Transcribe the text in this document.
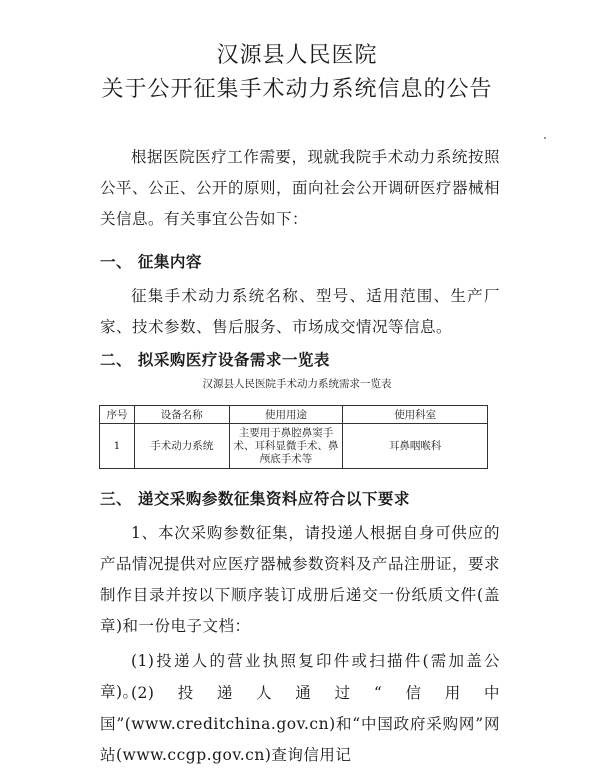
汉源县人民医院
关于公开征集手术动力系统信息的公告
根据医院医疗工作需要，现就我院手术动力系统按照公平、公正、公开的原则，面向社会公开调研医疗器械相关信息。有关事宜公告如下：
一、 征集内容
征集手术动力系统名称、型号、适用范围、生产厂家、技术参数、售后服务、市场成交情况等信息。
二、 拟采购医疗设备需求一览表
汉源县人民医院手术动力系统需求一览表
序号	设备名称	使用用途	使用科室
1	手术动力系统	主要用于鼻腔鼻窦手术、耳科显微手术、鼻颅底手术等	耳鼻咽喉科
三、 递交采购参数征集资料应符合以下要求
1、本次采购参数征集，请投递人根据自身可供应的产品情况提供对应医疗器械参数资料及产品注册证，要求制作目录并按以下顺序装订成册后递交一份纸质文件(盖章)和一份电子文档：
(1)投递人的营业执照复印件或扫描件(需加盖公章)。
(2)投递人通过“信用中国”(www.creditchina.gov.cn)和“中国政府采购网”网站(www.ccgp.gov.cn)查询信用记
